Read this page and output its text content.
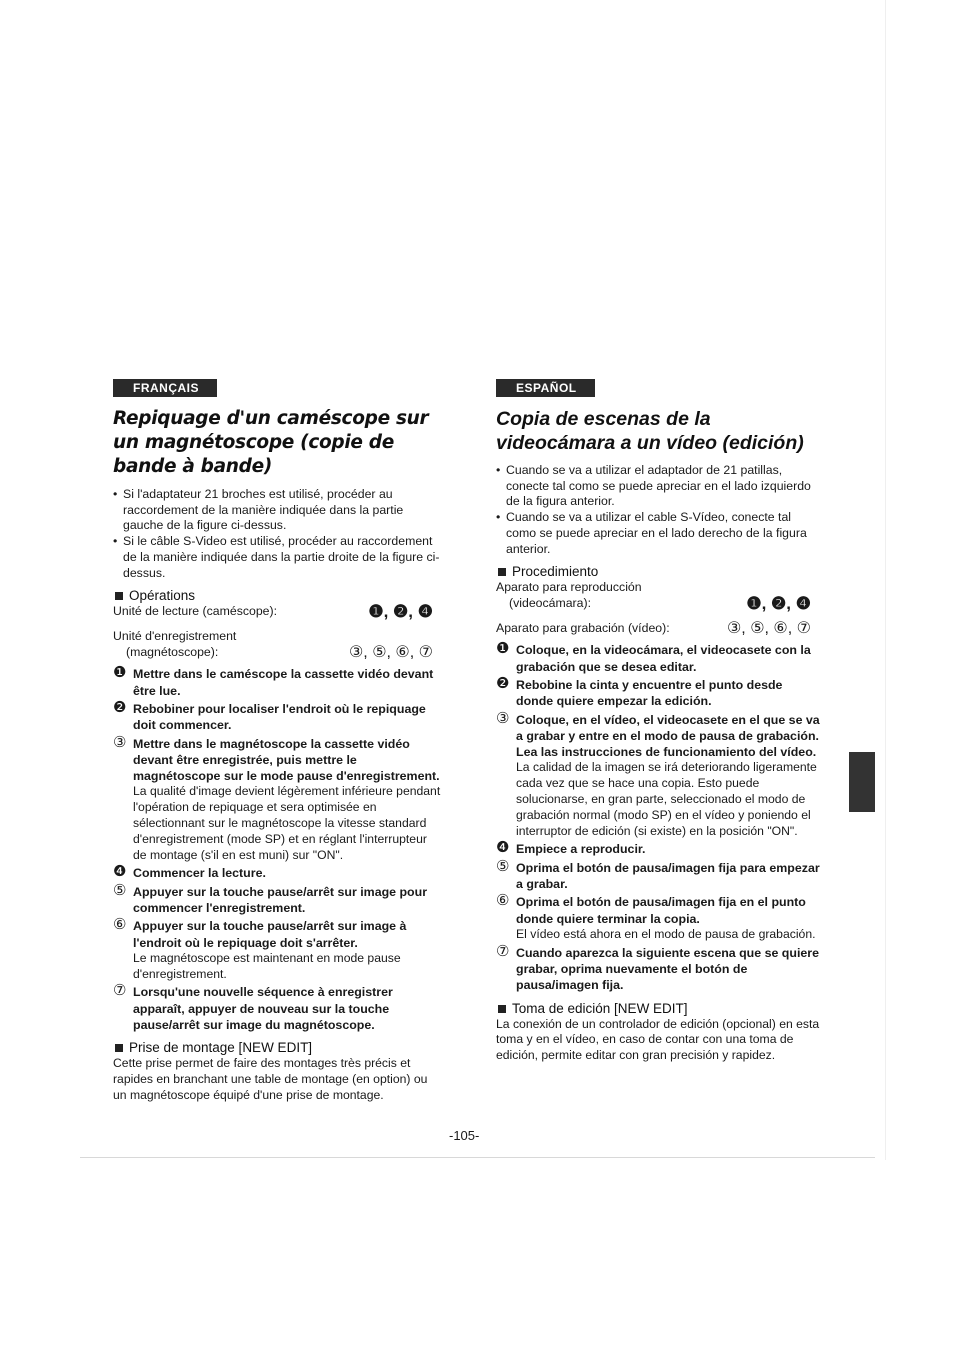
FRANÇAIS
Repiquage d'un caméscope sur un magnétoscope (copie de bande à bande)

• Si l'adaptateur 21 broches est utilisé, procéder au raccordement de la manière indiquée dans la partie gauche de la figure ci-dessus.

• Si le câble S-Video est utilisé, procéder au raccordement de la manière indiquée dans la partie droite de la figure ci-dessus.

Opérations
Unité de lecture (caméscope):	❶, ❷, ❹
Unité d'enregistrement
(magnétoscope):	③, ⑤, ⑥, ⑦
❶ Mettre dans le caméscope la cassette vidéo devant être lue.
❷ Rebobiner pour localiser l'endroit où le repiquage doit commencer.
③ Mettre dans le magnétoscope la cassette vidéo devant être enregistrée, puis mettre le magnétoscope sur le mode pause d'enregistrement.
La qualité d'image devient légèrement inférieure pendant l'opération de repiquage et sera optimisée en sélectionnant sur le magnétoscope la vitesse standard d'enregistrement (mode SP) et en réglant l'interrupteur de montage (s'il en est muni) sur "ON".
❹ Commencer la lecture.
⑤ Appuyer sur la touche pause/arrêt sur image pour commencer l'enregistrement.
⑥ Appuyer sur la touche pause/arrêt sur image à l'endroit où le repiquage doit s'arrêter.
Le magnétoscope est maintenant en mode pause d'enregistrement.
⑦ Lorsqu'une nouvelle séquence à enregistrer apparaît, appuyer de nouveau sur la touche pause/arrêt sur image du magnétoscope.
Prise de montage [NEW EDIT]
Cette prise permet de faire des montages très précis et rapides en branchant une table de montage (en option) ou un magnétoscope équipé d'une prise de montage.
ESPAÑOL
Copia de escenas de la videocámara a un vídeo (edición)

• Cuando se va a utilizar el adaptador de 21 patillas, conecte tal como se puede apreciar en el lado izquierdo de la figura anterior.

• Cuando se va a utilizar el cable S-Vídeo, conecte tal como se puede apreciar en el lado derecho de la figura anterior.

Procedimiento
Aparato para reproducción
(videocámara):	❶, ❷, ❹
Aparato para grabación (vídeo):	③, ⑤, ⑥, ⑦
❶ Coloque, en la videocámara, el videocasete con la grabación que se desea editar.
❷ Rebobine la cinta y encuentre el punto desde donde quiere empezar la edición.
③ Coloque, en el vídeo, el videocasete en el que se va a grabar y entre en el modo de pausa de grabación. Lea las instrucciones de funcionamiento del vídeo.
La calidad de la imagen se irá deteriorando ligeramente cada vez que se hace una copia. Esto puede solucionarse, en gran parte, seleccionado el modo de grabación normal (modo SP) en el vídeo y poniendo el interruptor de edición (si existe) en la posición "ON".
❹ Empiece a reproducir.
⑤ Oprima el botón de pausa/imagen fija para empezar a grabar.
⑥ Oprima el botón de pausa/imagen fija en el punto donde quiere terminar la copia.
El vídeo está ahora en el modo de pausa de grabación.
⑦ Cuando aparezca la siguiente escena que se quiere grabar, oprima nuevamente el botón de pausa/imagen fija.
Toma de edición [NEW EDIT]
La conexión de un controlador de edición (opcional) en esta toma y en el vídeo, en caso de contar con una toma de edición, permite editar con gran precisión y rapidez.
-105-
